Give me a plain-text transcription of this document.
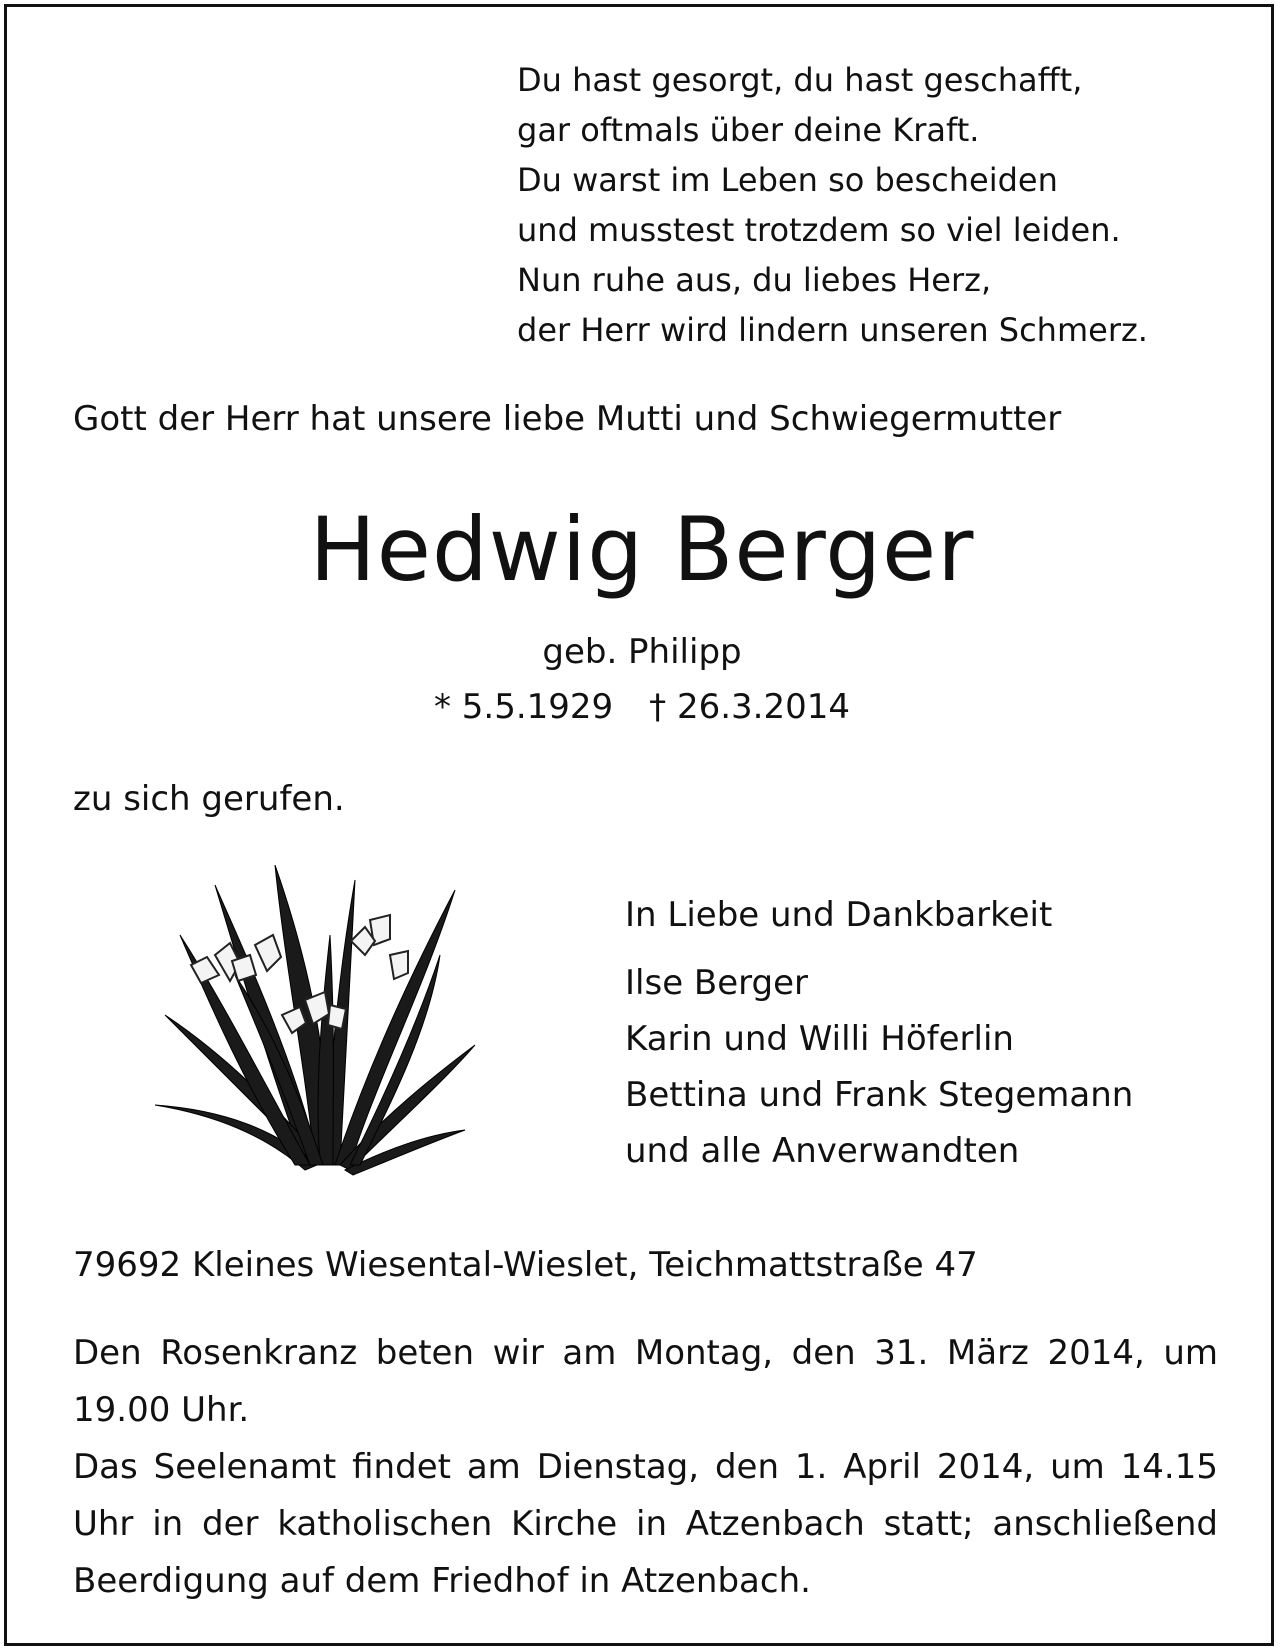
Du hast gesorgt, du hast geschafft,
gar oftmals über deine Kraft.
Du warst im Leben so bescheiden
und musstest trotzdem so viel leiden.
Nun ruhe aus, du liebes Herz,
der Herr wird lindern unseren Schmerz.
Gott der Herr hat unsere liebe Mutti und Schwiegermutter
Hedwig Berger
geb. Philipp
* 5.5.1929 † 26.3.2014
zu sich gerufen.
In Liebe und Dankbarkeit
Ilse Berger
Karin und Willi Höferlin
Bettina und Frank Stegemann
und alle Anverwandten
79692 Kleines Wiesental-Wieslet, Teichmattstraße 47

Den Rosenkranz beten wir am Montag, den 31. März 2014, um 19.00 Uhr.

Das Seelenamt findet am Dienstag, den 1. April 2014, um 14.15 Uhr in der katholischen Kirche in Atzenbach statt; anschließend Beerdigung auf dem Friedhof in Atzenbach.
